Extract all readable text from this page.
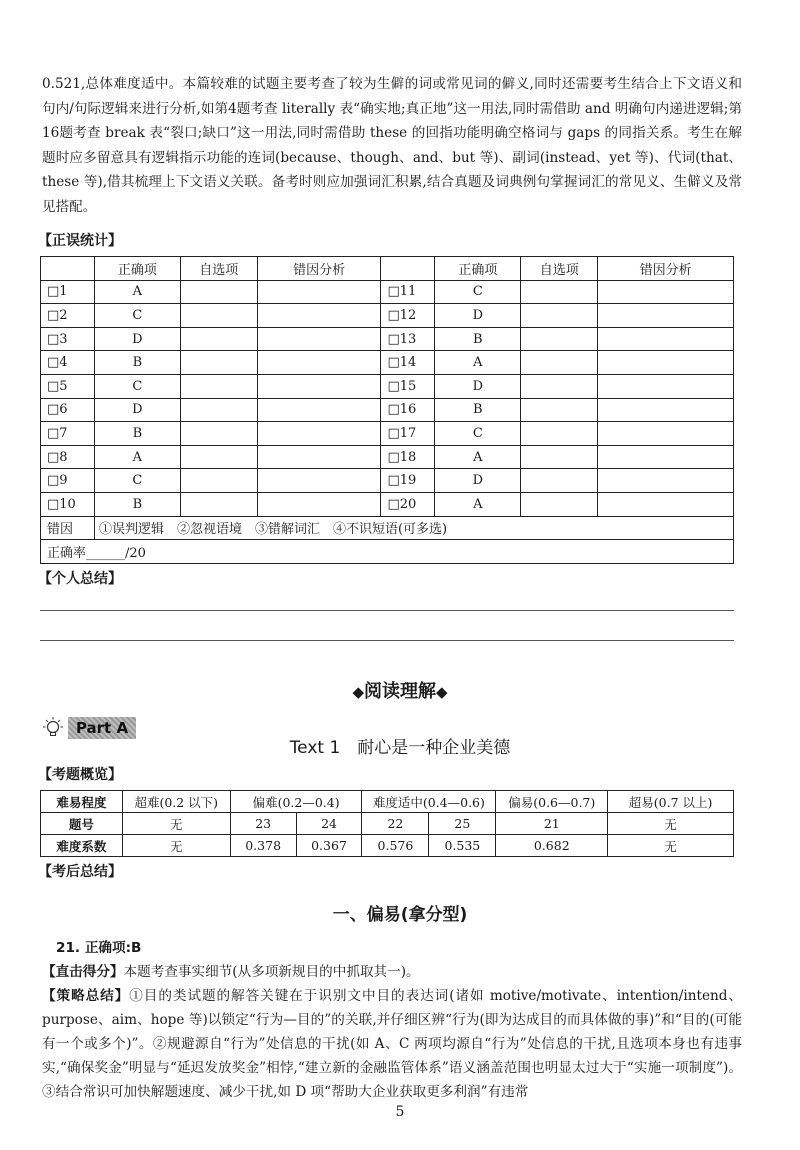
0.521,总体难度适中。本篇较难的试题主要考查了较为生僻的词或常见词的僻义,同时还需要考生结合上下文语义和句内/句际逻辑来进行分析,如第4题考查 literally 表“确实地;真正地”这一用法,同时需借助 and 明确句内递进逻辑;第16题考查 break 表“裂口;缺口”这一用法,同时需借助 these 的回指功能明确空格词与 gaps 的同指关系。考生在解题时应多留意具有逻辑指示功能的连词(because、though、and、but 等)、副词(instead、yet 等)、代词(that、these 等),借其梳理上下文语义关联。备考时则应加强词汇积累,结合真题及词典例句掌握词汇的常见义、生僻义及常见搭配。

【正误统计】
	正确项	自选项	错因分析		正确项	自选项	错因分析
□1	A			□11	C		
□2	C			□12	D		
□3	D			□13	B		
□4	B			□14	A		
□5	C			□15	D		
□6	D			□16	B		
□7	B			□17	C		
□8	A			□18	A		
□9	C			□19	D		
□10	B			□20	A		
错因	①误判逻辑　②忽视语境　③错解词汇　④不识短语(可多选)						
正确率______/20							
【个人总结】
◆阅读理解◆
Part A
Text 1　耐心是一种企业美德
【考题概览】
难易程度	超难(0.2 以下)	偏难(0.2—0.4)		难度适中(0.4—0.6)		偏易(0.6—0.7)	超易(0.7 以上)
题号	无	23	24	22	25	21	无
难度系数	无	0.378	0.367	0.576	0.535	0.682	无
【考后总结】
一、偏易(拿分型)
21. 正确项:B

【直击得分】本题考查事实细节(从多项新规目的中抓取其一)。

【策略总结】①目的类试题的解答关键在于识别文中目的表达词(诸如 motive/motivate、intention/intend、purpose、aim、hope 等)以锁定“行为—目的”的关联,并仔细区辨“行为(即为达成目的而具体做的事)”和“目的(可能有一个或多个)”。②规避源自“行为”处信息的干扰(如 A、C 两项均源自“行为”处信息的干扰,且选项本身也有违事实,“确保奖金”明显与“延迟发放奖金”相悖,“建立新的金融监管体系”语义涵盖范围也明显太过大于“实施一项制度”)。③结合常识可加快解题速度、减少干扰,如 D 项“帮助大企业获取更多利润”有违常

5
